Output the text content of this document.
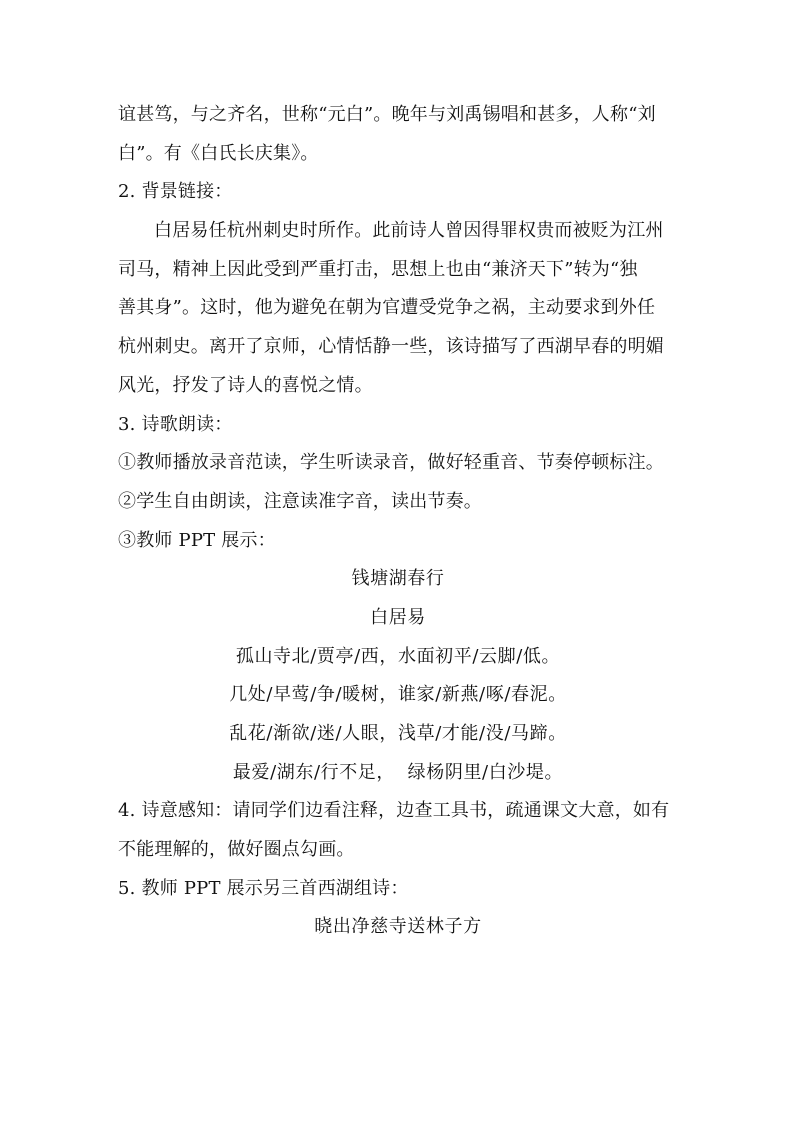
谊甚笃，与之齐名，世称“元白”。晚年与刘禹锡唱和甚多，人称“刘

白”。有《白氏长庆集》。

2. 背景链接：

白居易任杭州刺史时所作。此前诗人曾因得罪权贵而被贬为江州

司马，精神上因此受到严重打击，思想上也由“兼济天下”转为“独

善其身”。这时，他为避免在朝为官遭受党争之祸，主动要求到外任

杭州刺史。离开了京师，心情恬静一些，该诗描写了西湖早春的明媚

风光，抒发了诗人的喜悦之情。

3. 诗歌朗读：

①教师播放录音范读，学生听读录音，做好轻重音、节奏停顿标注。

②学生自由朗读，注意读准字音，读出节奏。

③教师 PPT 展示：

钱塘湖春行

白居易

孤山寺北/贾亭/西，水面初平/云脚/低。

几处/早莺/争/暖树，谁家/新燕/啄/春泥。

乱花/渐欲/迷/人眼，浅草/才能/没/马蹄。

最爱/湖东/行不足，  绿杨阴里/白沙堤。

4. 诗意感知：请同学们边看注释，边查工具书，疏通课文大意，如有

不能理解的，做好圈点勾画。

5. 教师 PPT 展示另三首西湖组诗：

晓出净慈寺送林子方
